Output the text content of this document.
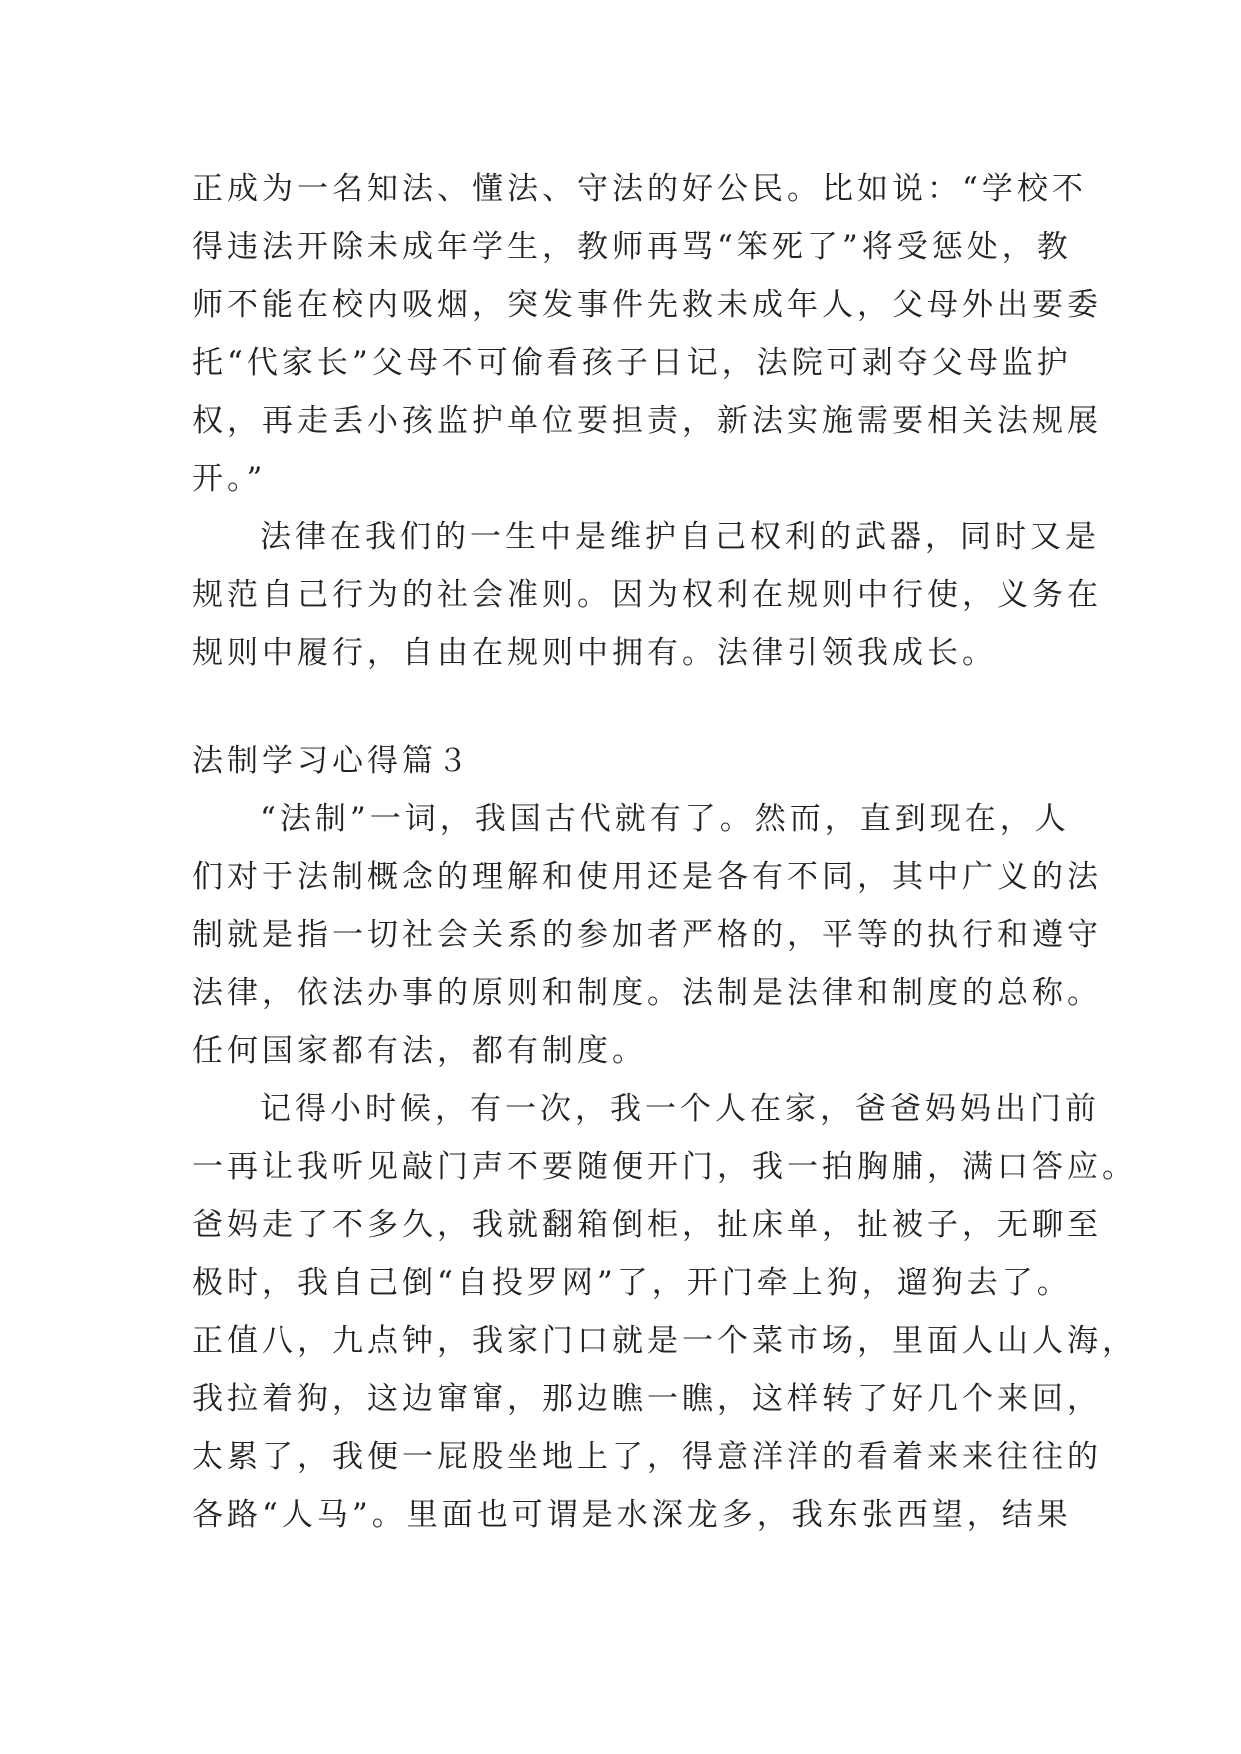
正成为一名知法、懂法、守法的好公民。比如说：“学校不
得违法开除未成年学生，教师再骂“笨死了”将受惩处，教
师不能在校内吸烟，突发事件先救未成年人，父母外出要委
托“代家长”父母不可偷看孩子日记，法院可剥夺父母监护
权，再走丢小孩监护单位要担责，新法实施需要相关法规展
开。”
法律在我们的一生中是维护自己权利的武器，同时又是
规范自己行为的社会准则。因为权利在规则中行使，义务在
规则中履行，自由在规则中拥有。法律引领我成长。
法制学习心得篇３
“法制”一词，我国古代就有了。然而，直到现在，人
们对于法制概念的理解和使用还是各有不同，其中广义的法
制就是指一切社会关系的参加者严格的，平等的执行和遵守
法律，依法办事的原则和制度。法制是法律和制度的总称。
任何国家都有法，都有制度。
记得小时候，有一次，我一个人在家，爸爸妈妈出门前
一再让我听见敲门声不要随便开门，我一拍胸脯，满口答应。
爸妈走了不多久，我就翻箱倒柜，扯床单，扯被子，无聊至
极时，我自己倒“自投罗网”了，开门牵上狗，遛狗去了。
正值八，九点钟，我家门口就是一个菜市场，里面人山人海，
我拉着狗，这边窜窜，那边瞧一瞧，这样转了好几个来回，
太累了，我便一屁股坐地上了，得意洋洋的看着来来往往的
各路“人马”。里面也可谓是水深龙多，我东张西望，结果
